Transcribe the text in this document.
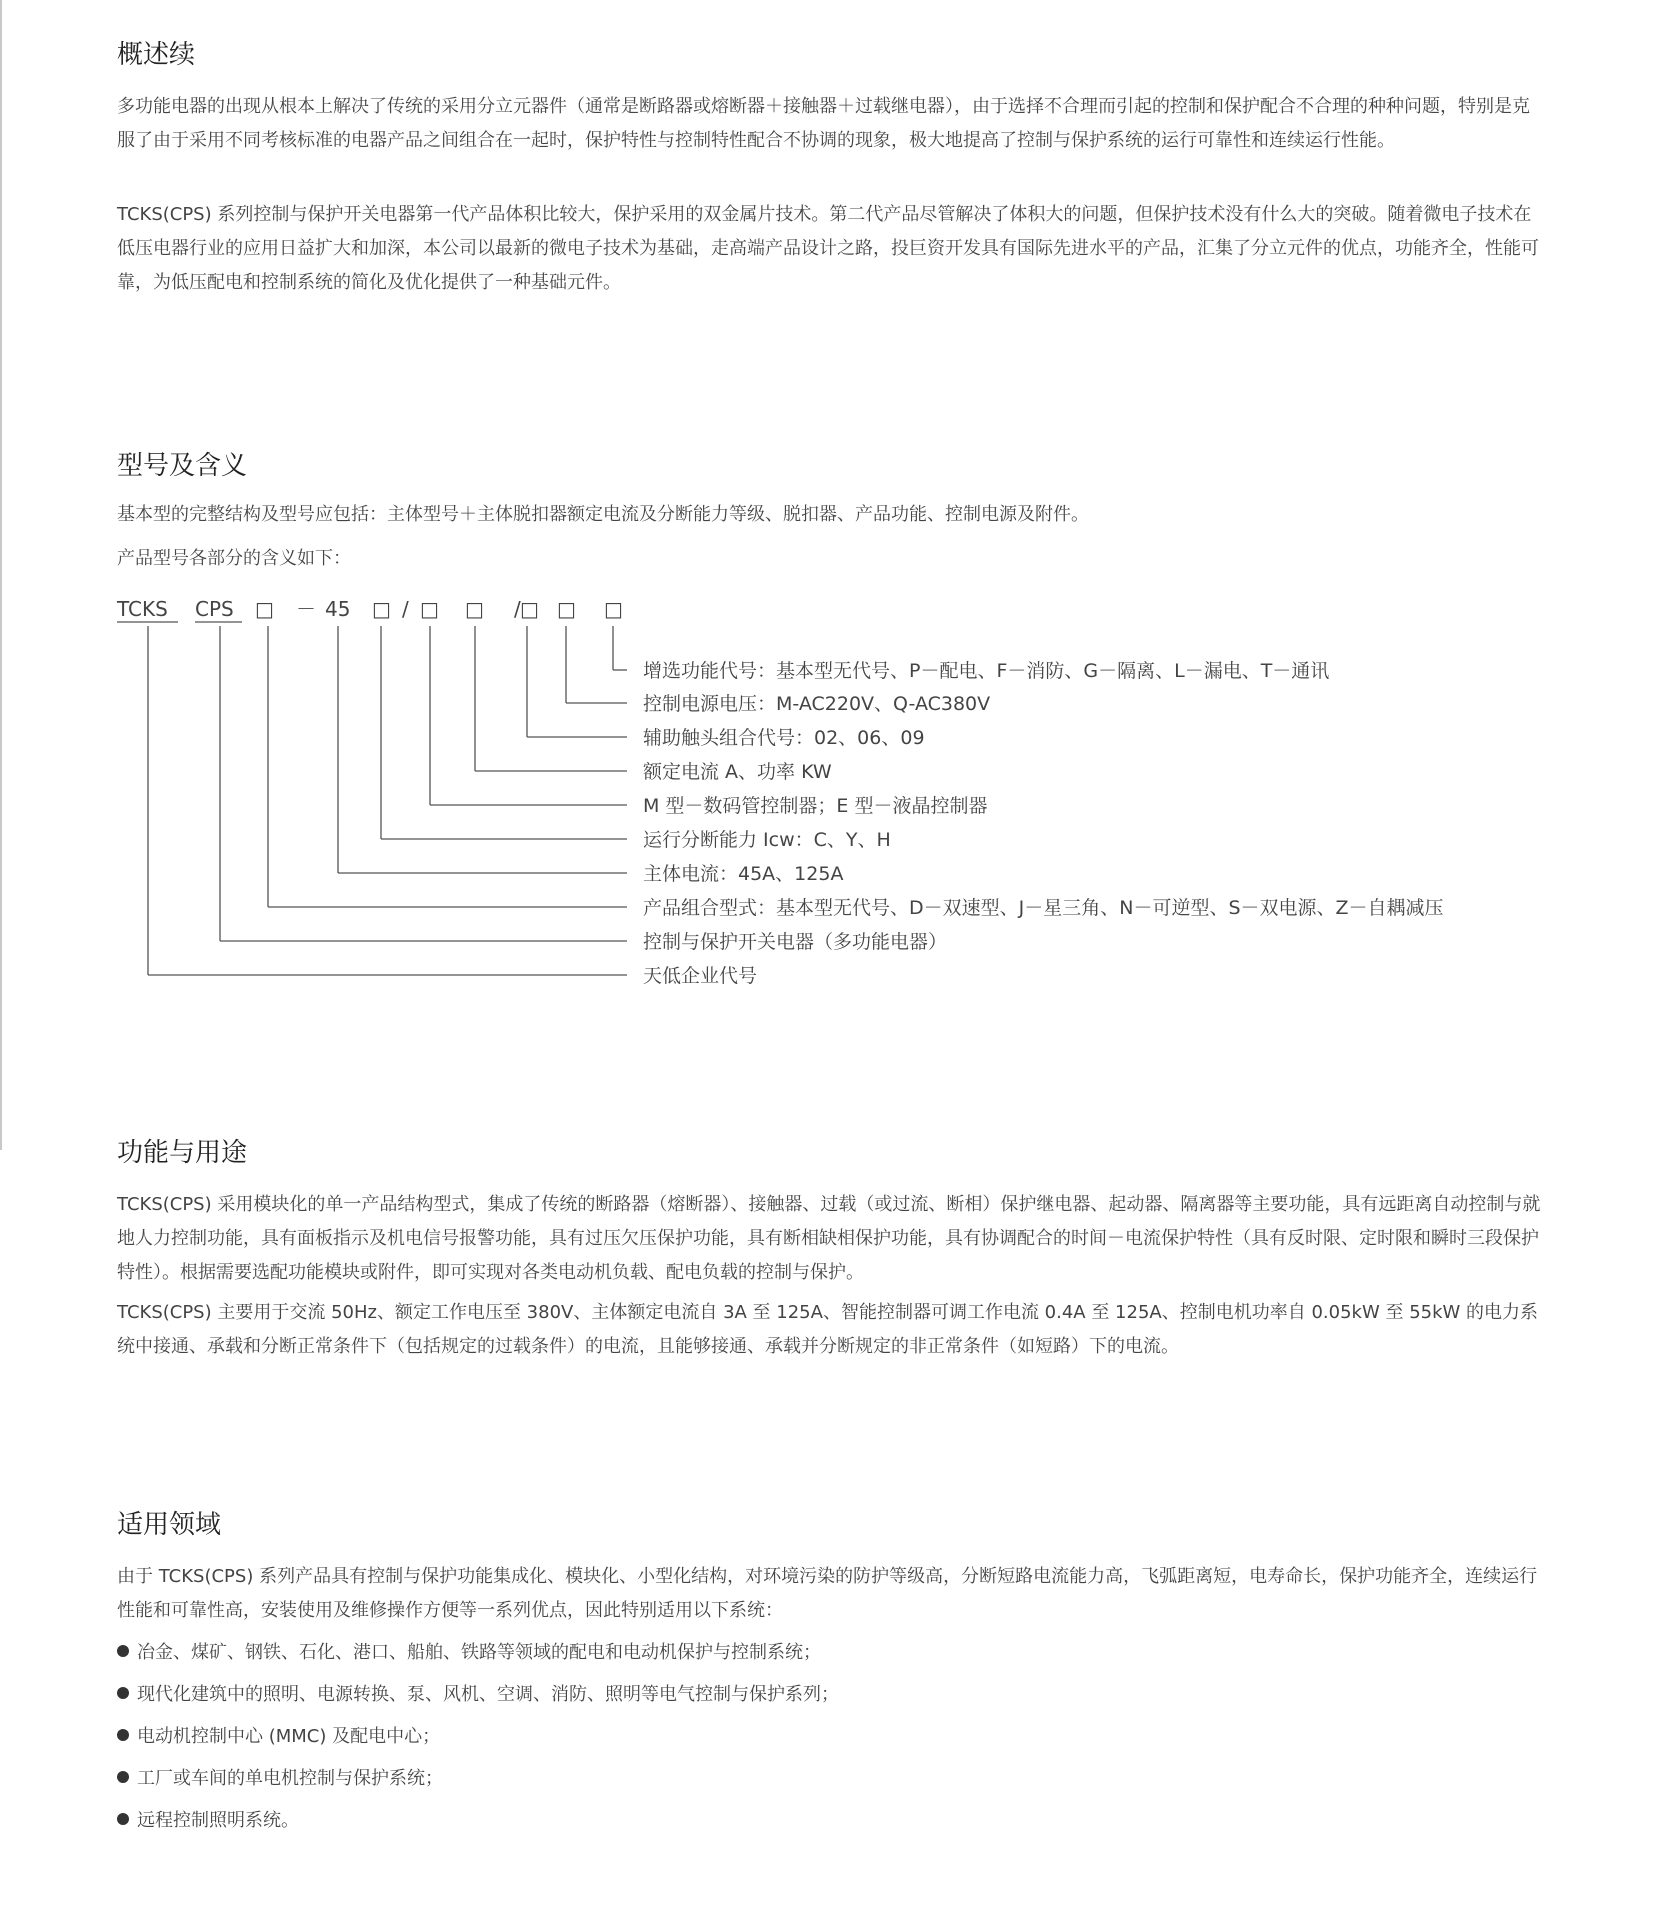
概述续

多功能电器的出现从根本上解决了传统的采用分立元器件（通常是断路器或熔断器＋接触器＋过载继电器），由于选择不合理而引起的控制和保护配合不合理的种种问题，特别是克服了由于采用不同考核标准的电器产品之间组合在一起时，保护特性与控制特性配合不协调的现象，极大地提高了控制与保护系统的运行可靠性和连续运行性能。

TCKS(CPS) 系列控制与保护开关电器第一代产品体积比较大，保护采用的双金属片技术。第二代产品尽管解决了体积大的问题，但保护技术没有什么大的突破。随着微电子技术在低压电器行业的应用日益扩大和加深，本公司以最新的微电子技术为基础，走高端产品设计之路，投巨资开发具有国际先进水平的产品，汇集了分立元件的优点，功能齐全，性能可靠，为低压配电和控制系统的简化及优化提供了一种基础元件。

型号及含义

基本型的完整结构及型号应包括：主体型号＋主体脱扣器额定电流及分断能力等级、脱扣器、产品功能、控制电源及附件。

产品型号各部分的含义如下：

TCKS CPS □ － 45 □ / □ □ / □ □ □
增选功能代号：基本型无代号、P－配电、F－消防、G－隔离、L－漏电、T－通讯
控制电源电压：M-AC220V、Q-AC380V
辅助触头组合代号：02、06、09
额定电流 A、功率 KW
M 型－数码管控制器；E 型－液晶控制器
运行分断能力 Icw：C、Y、H
主体电流：45A、125A
产品组合型式：基本型无代号、D－双速型、J－星三角、N－可逆型、S－双电源、Z－自耦减压
控制与保护开关电器（多功能电器）
天低企业代号
功能与用途

TCKS(CPS) 采用模块化的单一产品结构型式，集成了传统的断路器（熔断器）、接触器、过载（或过流、断相）保护继电器、起动器、隔离器等主要功能，具有远距离自动控制与就地人力控制功能，具有面板指示及机电信号报警功能，具有过压欠压保护功能，具有断相缺相保护功能，具有协调配合的时间－电流保护特性（具有反时限、定时限和瞬时三段保护特性）。根据需要选配功能模块或附件，即可实现对各类电动机负载、配电负载的控制与保护。

TCKS(CPS) 主要用于交流 50Hz、额定工作电压至 380V、主体额定电流自 3A 至 125A、智能控制器可调工作电流 0.4A 至 125A、控制电机功率自 0.05kW 至 55kW 的电力系统中接通、承载和分断正常条件下（包括规定的过载条件）的电流，且能够接通、承载并分断规定的非正常条件（如短路）下的电流。

适用领域

由于 TCKS(CPS) 系列产品具有控制与保护功能集成化、模块化、小型化结构，对环境污染的防护等级高，分断短路电流能力高，飞弧距离短，电寿命长，保护功能齐全，连续运行性能和可靠性高，安装使用及维修操作方便等一系列优点，因此特别适用以下系统：

冶金、煤矿、钢铁、石化、港口、船舶、铁路等领域的配电和电动机保护与控制系统；

现代化建筑中的照明、电源转换、泵、风机、空调、消防、照明等电气控制与保护系列；

电动机控制中心 (MMC) 及配电中心；

工厂或车间的单电机控制与保护系统；

远程控制照明系统。
